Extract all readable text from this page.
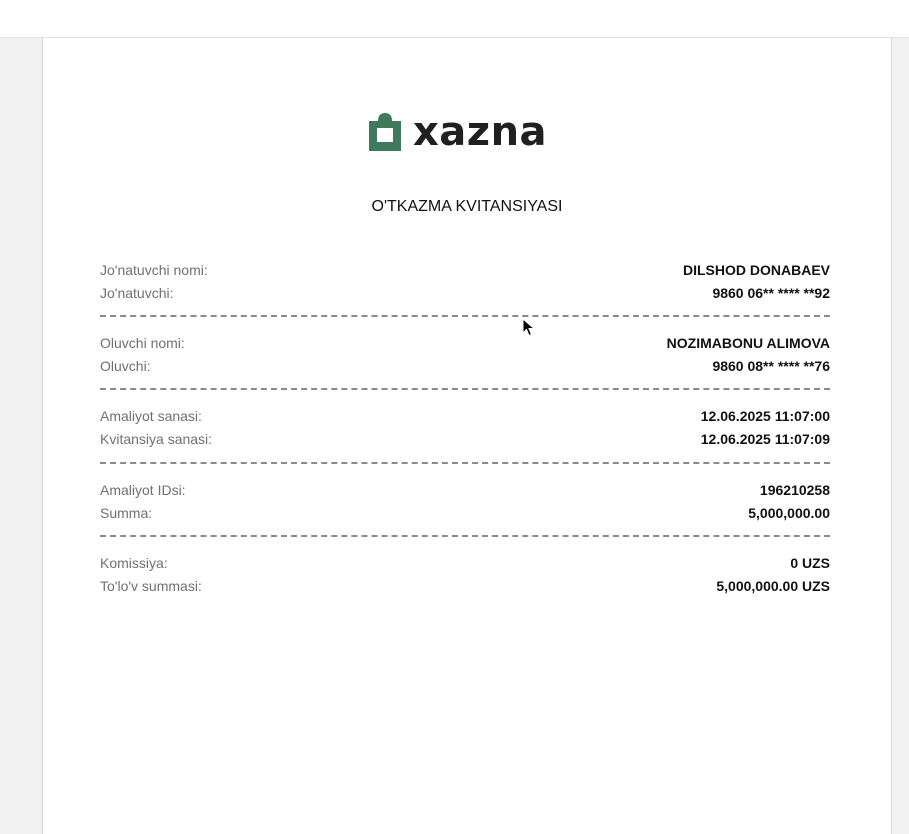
xazna
O'TKAZMA KVITANSIYASI
Jo'natuvchi nomi:	DILSHOD DONABAEV
Jo'natuvchi:	9860 06** **** **92
Oluvchi nomi:	NOZIMABONU ALIMOVA
Oluvchi:	9860 08** **** **76
Amaliyot sanasi:	12.06.2025 11:07:00
Kvitansiya sanasi:	12.06.2025 11:07:09
Amaliyot IDsi:	196210258
Summa:	5,000,000.00
Komissiya:	0 UZS
To'lo'v summasi:	5,000,000.00 UZS
